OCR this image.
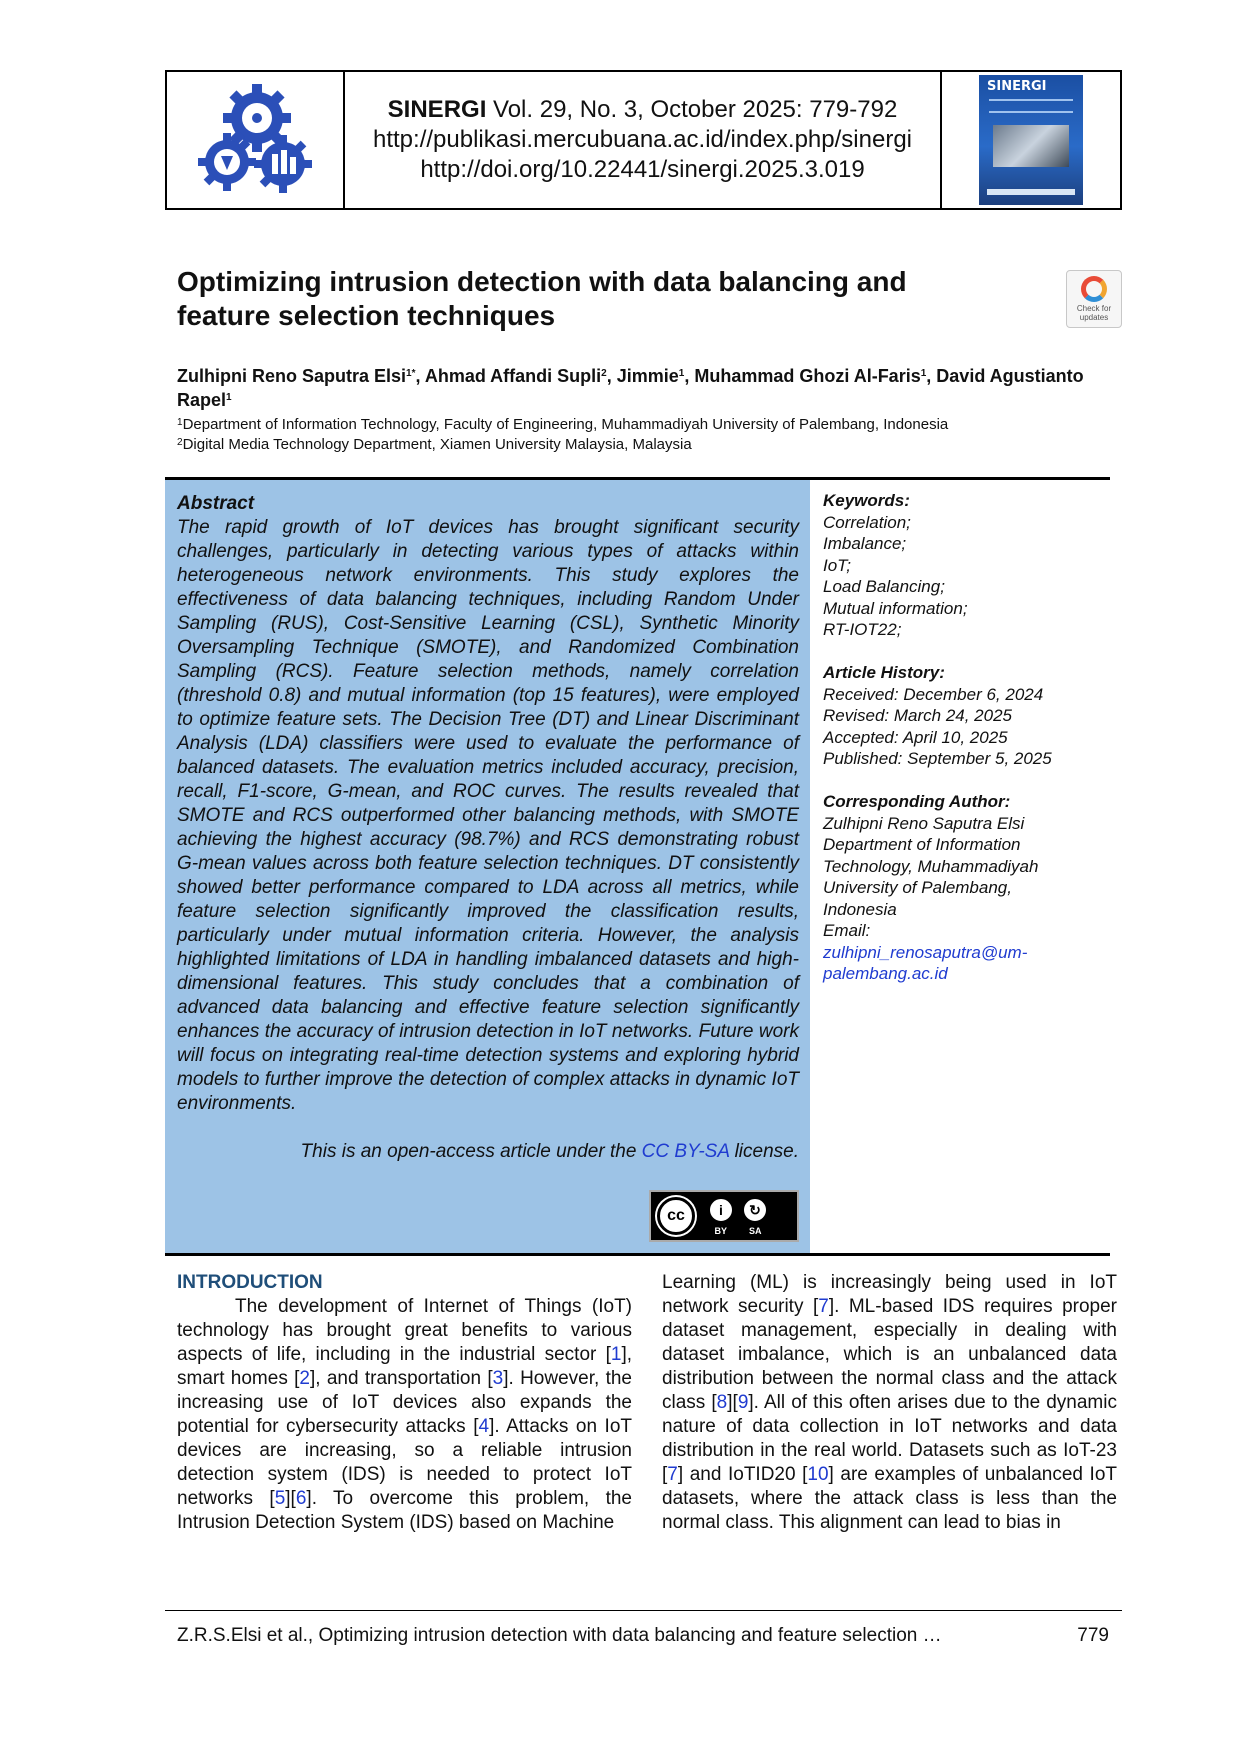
SINERGI Vol. 29, No. 3, October 2025: 779-792
http://publikasi.mercubuana.ac.id/index.php/sinergi
http://doi.org/10.22441/sinergi.2025.3.019
SINERGI
Optimizing intrusion detection with data balancing and feature selection techniques	Check for
updates
Zulhipni Reno Saputra Elsi$^{1*}$, Ahmad Affandi Supli$^2$, Jimmie$^1$, Muhammad Ghozi Al-Faris$^1$, David Agustianto Rapel$^1$
$^1$Department of Information Technology, Faculty of Engineering, Muhammadiyah University of Palembang, Indonesia
$^2$Digital Media Technology Department, Xiamen University Malaysia, Malaysia
Abstract

The rapid growth of IoT devices has brought significant security challenges, particularly in detecting various types of attacks within heterogeneous network environments. This study explores the effectiveness of data balancing techniques, including Random Under Sampling (RUS), Cost-Sensitive Learning (CSL), Synthetic Minority Oversampling Technique (SMOTE), and Randomized Combination Sampling (RCS). Feature selection methods, namely correlation (threshold 0.8) and mutual information (top 15 features), were employed to optimize feature sets. The Decision Tree (DT) and Linear Discriminant Analysis (LDA) classifiers were used to evaluate the performance of balanced datasets. The evaluation metrics included accuracy, precision, recall, F1-score, G-mean, and ROC curves. The results revealed that SMOTE and RCS outperformed other balancing methods, with SMOTE achieving the highest accuracy (98.7%) and RCS demonstrating robust G-mean values across both feature selection techniques. DT consistently showed better performance compared to LDA across all metrics, while feature selection significantly improved the classification results, particularly under mutual information criteria. However, the analysis highlighted limitations of LDA in handling imbalanced datasets and high-dimensional features. This study concludes that a combination of advanced data balancing and effective feature selection significantly enhances the accuracy of intrusion detection in IoT networks. Future work will focus on integrating real-time detection systems and exploring hybrid models to further improve the detection of complex attacks in dynamic IoT environments.

This is an open-access article under the CC BY-SA license.

cc	i	↻
BY SA
Keywords:
Correlation;
Imbalance;
IoT;
Load Balancing;
Mutual information;
RT-IOT22;
Article History:
Received: December 6, 2024
Revised: March 24, 2025
Accepted: April 10, 2025
Published: September 5, 2025
Corresponding Author:
Zulhipni Reno Saputra Elsi
Department of Information
Technology, Muhammadiyah
University of Palembang,
Indonesia
Email:
zulhipni_renosaputra@um-
palembang.ac.id
INTRODUCTION

The development of Internet of Things (IoT) technology has brought great benefits to various aspects of life, including in the industrial sector [1], smart homes [2], and transportation [3]. However, the increasing use of IoT devices also expands the potential for cybersecurity attacks [4]. Attacks on IoT devices are increasing, so a reliable intrusion detection system (IDS) is needed to protect IoT networks [5][6]. To overcome this problem, the Intrusion Detection System (IDS) based on Machine

Learning (ML) is increasingly being used in IoT network security [7]. ML-based IDS requires proper dataset management, especially in dealing with dataset imbalance, which is an unbalanced data distribution between the normal class and the attack class [8][9]. All of this often arises due to the dynamic nature of data collection in IoT networks and data distribution in the real world. Datasets such as IoT-23 [7] and IoTID20 [10] are examples of unbalanced IoT datasets, where the attack class is less than the normal class. This alignment can lead to bias in

Z.R.S.Elsi et al., Optimizing intrusion detection with data balancing and feature selection …	779
